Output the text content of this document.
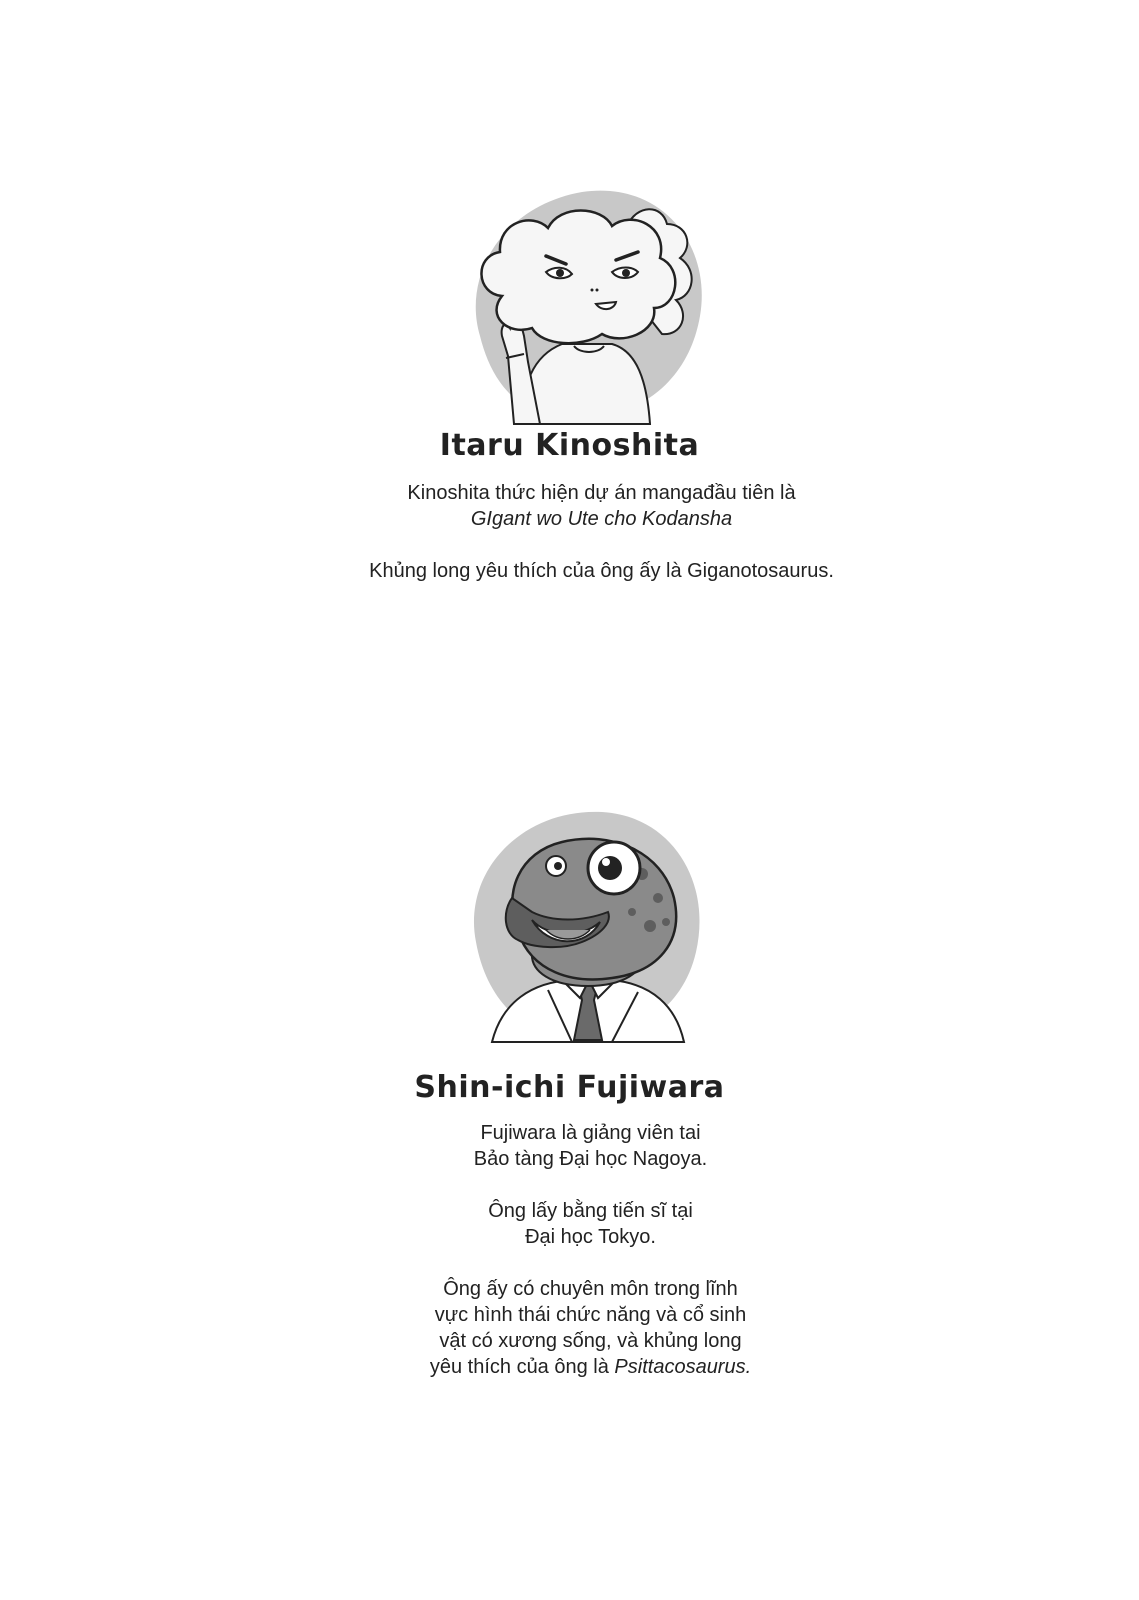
Itaru Kinoshita

Kinoshita thức hiện dự án mangađầu tiên là

GIgant wo Ute cho Kodansha

Khủng long yêu thích của ông ấy là Giganotosaurus.

Shin-ichi Fujiwara

Fujiwara là giảng viên tai

Bảo tàng Đại học Nagoya.

Ông lấy bằng tiến sĩ tại

Đại học Tokyo.

Ông ấy có chuyên môn trong lĩnh

vực hình thái chức năng và cổ sinh

vật có xương sống, và khủng long

yêu thích của ông là Psittacosaurus.
